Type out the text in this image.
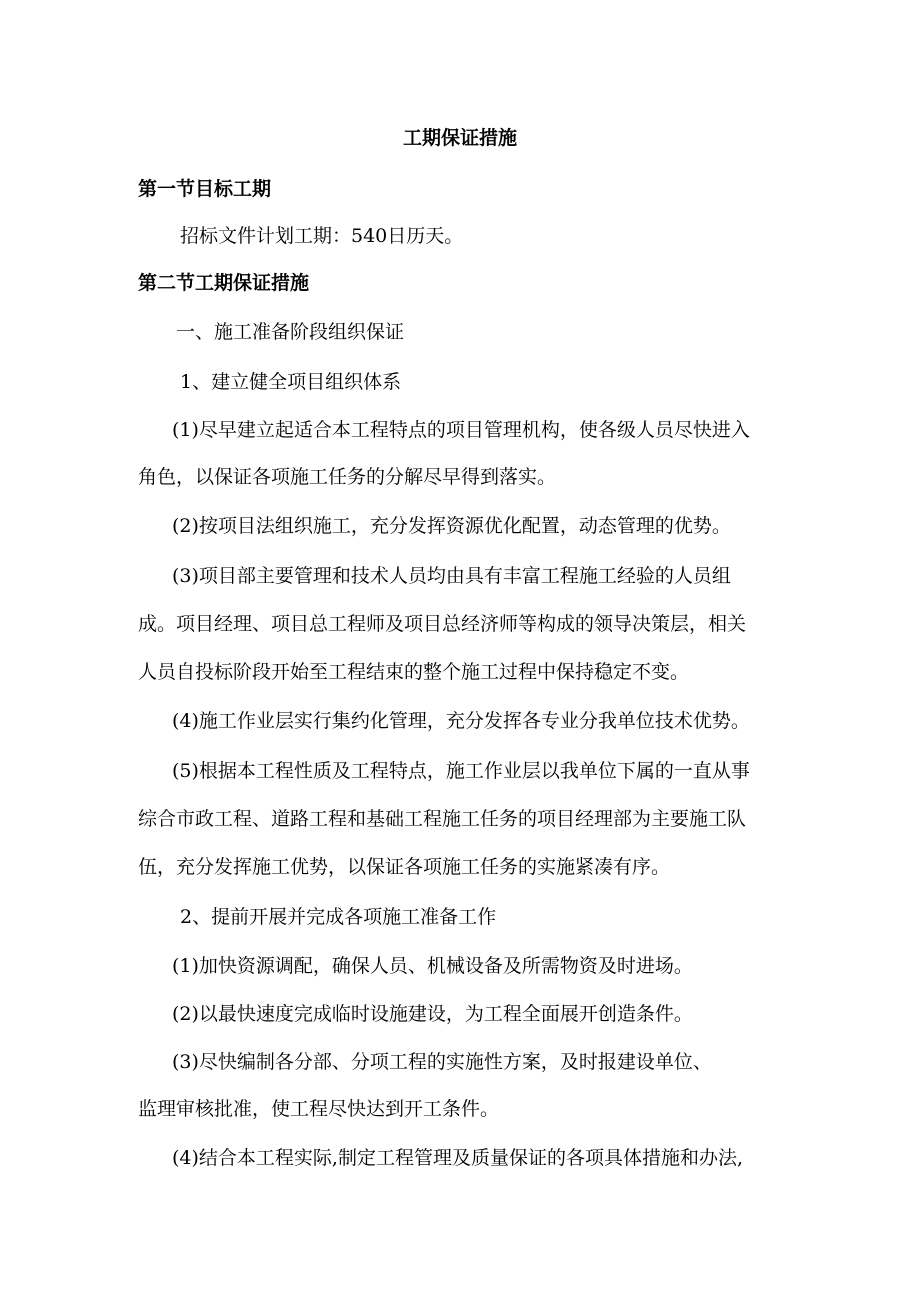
工期保证措施
第一节目标工期
招标文件计划工期：540日历天。
第二节工期保证措施
一、施工准备阶段组织保证
1、建立健全项目组织体系
(1)尽早建立起适合本工程特点的项目管理机构，使各级人员尽快进入
角色，以保证各项施工任务的分解尽早得到落实。
(2)按项目法组织施工，充分发挥资源优化配置，动态管理的优势。
(3)项目部主要管理和技术人员均由具有丰富工程施工经验的人员组
成。项目经理、项目总工程师及项目总经济师等构成的领导决策层，相关
人员自投标阶段开始至工程结束的整个施工过程中保持稳定不变。
(4)施工作业层实行集约化管理，充分发挥各专业分我单位技术优势。
(5)根据本工程性质及工程特点，施工作业层以我单位下属的一直从事
综合市政工程、道路工程和基础工程施工任务的项目经理部为主要施工队
伍，充分发挥施工优势，以保证各项施工任务的实施紧凑有序。
2、提前开展并完成各项施工准备工作
(1)加快资源调配，确保人员、机械设备及所需物资及时进场。
(2)以最快速度完成临时设施建设，为工程全面展开创造条件。
(3)尽快编制各分部、分项工程的实施性方案，及时报建设单位、
监理审核批准，使工程尽快达到开工条件。
(4)结合本工程实际,制定工程管理及质量保证的各项具体措施和办法,
